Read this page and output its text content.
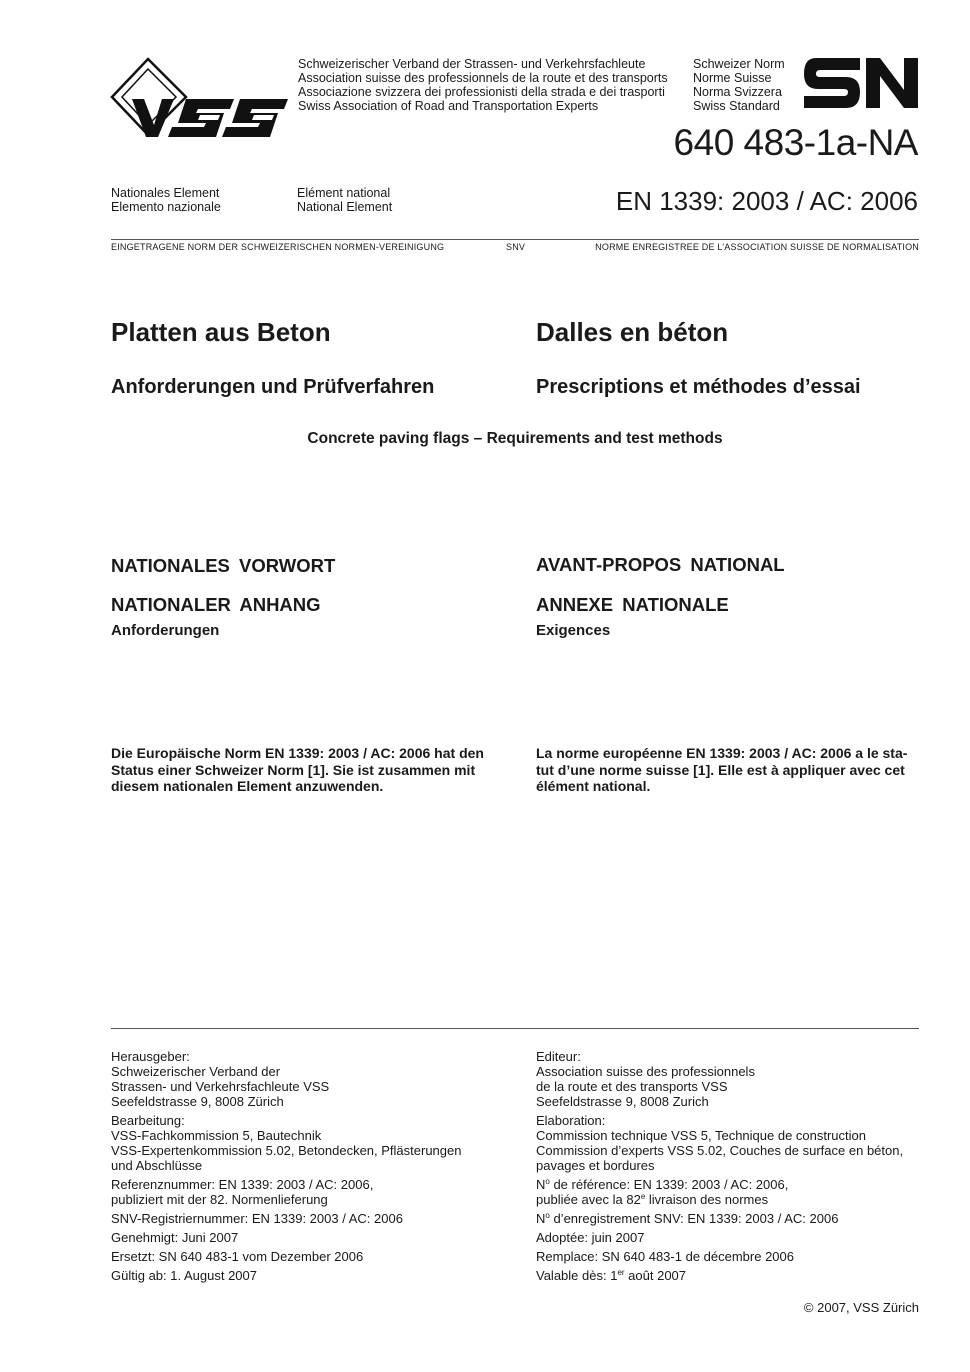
Schweizerischer Verband der Strassen- und Verkehrsfachleute
Association suisse des professionnels de la route et des transports
Associazione svizzera dei professionisti della strada e dei trasporti
Swiss Association of Road and Transportation Experts
Schweizer Norm
Norme Suisse
Norma Svizzera
Swiss Standard
640 483-1a-NA
Nationales Element
Elemento nazionale
Elément national
National Element	EN 1339: 2003 / AC: 2006
EINGETRAGENE NORM DER SCHWEIZERISCHEN NORMEN-VEREINIGUNG	SNV	NORME ENREGISTREE DE L’ASSOCIATION SUISSE DE NORMALISATION
Platten aus Beton	Dalles en béton
Anforderungen und Prüfverfahren	Prescriptions et méthodes d’essai
Concrete paving flags – Requirements and test methods
NATIONALES VORWORT	AVANT-PROPOS NATIONAL
NATIONALER ANHANG	ANNEXE NATIONALE
Anforderungen	Exigences
Die Europäische Norm EN 1339: 2003 / AC: 2006 hat den Status einer Schweizer Norm [1]. Sie ist zusammen mit diesem nationalen Element anzuwenden.
La norme européenne EN 1339: 2003 / AC: 2006 a le sta-tut d’une norme suisse [1]. Elle est à appliquer avec cet élément national.
Herausgeber:
Schweizerischer Verband der
Strassen- und Verkehrsfachleute VSS
Seefeldstrasse 9, 8008 Zürich
Bearbeitung:
VSS-Fachkommission 5, Bautechnik
VSS-Expertenkommission 5.02, Betondecken, Pflästerungen
und Abschlüsse
Referenznummer: EN 1339: 2003 / AC: 2006,
publiziert mit der 82. Normenlieferung
SNV-Registriernummer: EN 1339: 2003 / AC: 2006
Genehmigt: Juni 2007
Ersetzt: SN 640 483-1 vom Dezember 2006
Gültig ab: 1. August 2007
Editeur:
Association suisse des professionnels
de la route et des transports VSS
Seefeldstrasse 9, 8008 Zurich
Elaboration:
Commission technique VSS 5, Technique de construction
Commission d’experts VSS 5.02, Couches de surface en béton,
pavages et bordures
$N^o$ de référence: EN 1339: 2003 / AC: 2006,
publiée avec la 82e livraison des normes
$N^o$ d’enregistrement SNV: EN 1339: 2003 / AC: 2006
Adoptée: juin 2007
Remplace: SN 640 483-1 de décembre 2006
Valable dès: 1er août 2007
© 2007, VSS Zürich
